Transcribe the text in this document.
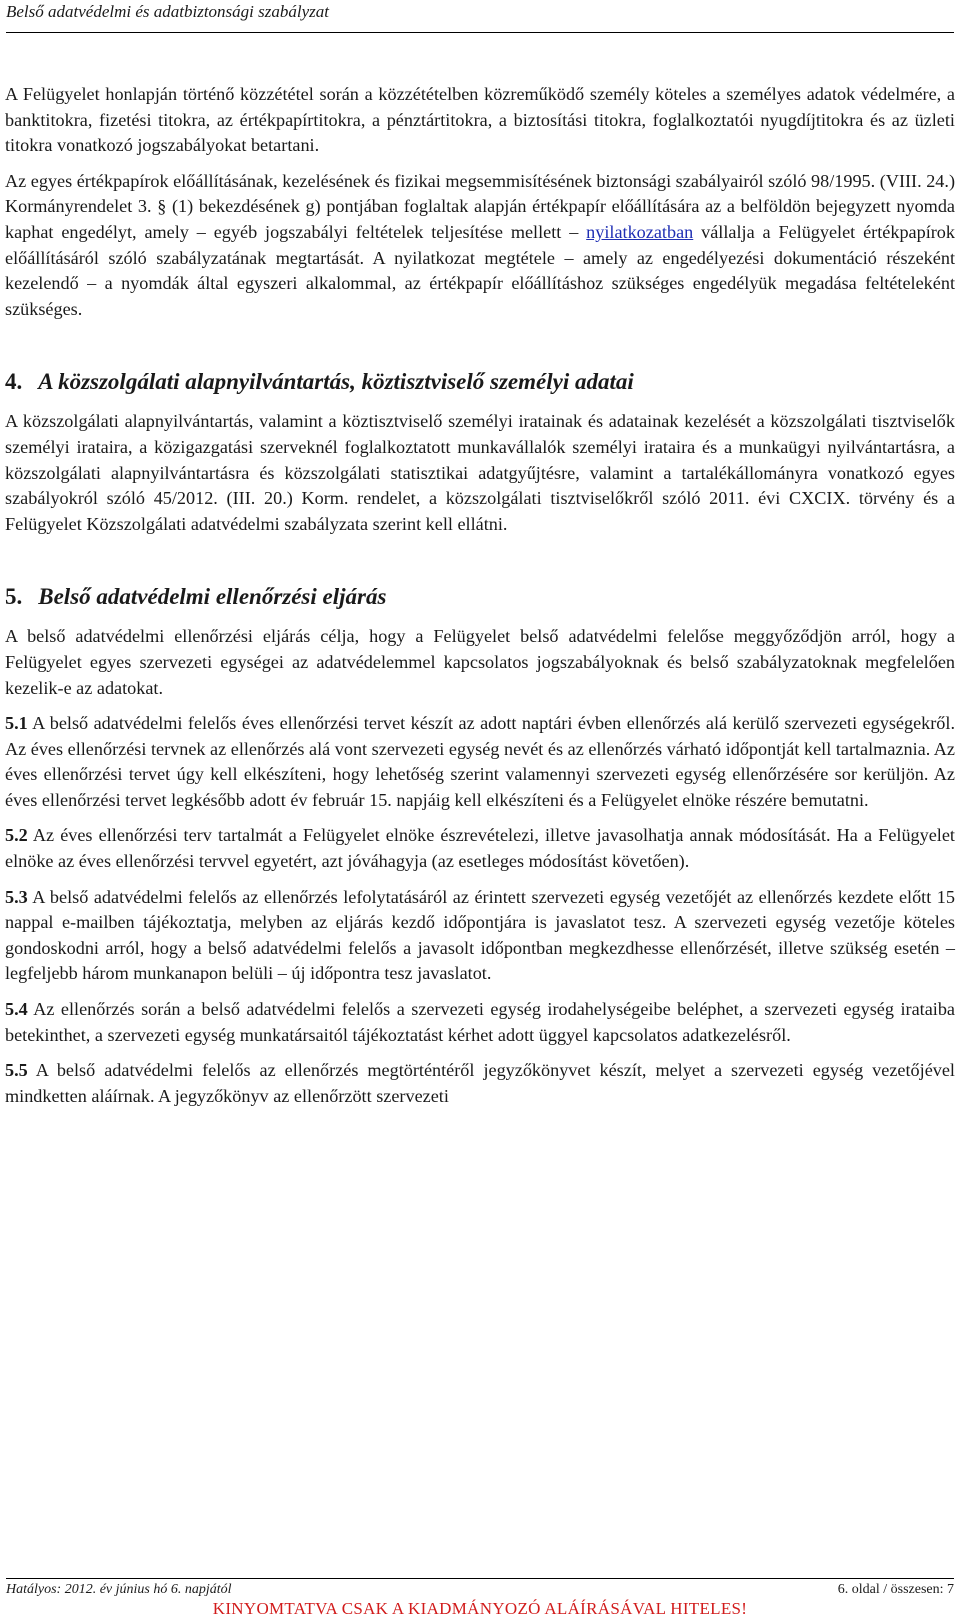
Belső adatvédelmi és adatbiztonsági szabályzat

A Felügyelet honlapján történő közzététel során a közzétételben közreműködő személy köteles a személyes adatok védelmére, a banktitokra, fizetési titokra, az értékpapírtitokra, a pénztártitokra, a biztosítási titokra, foglalkoztatói nyugdíjtitokra és az üzleti titokra vonatkozó jogszabályokat betartani.

Az egyes értékpapírok előállításának, kezelésének és fizikai megsemmisítésének biztonsági szabályairól szóló 98/1995. (VIII. 24.) Kormányrendelet 3. § (1) bekezdésének g) pontjában foglaltak alapján értékpapír előállítására az a belföldön bejegyzett nyomda kaphat engedélyt, amely – egyéb jogszabályi feltételek teljesítése mellett – nyilatkozatban vállalja a Felügyelet értékpapírok előállításáról szóló szabályzatának megtartását. A nyilatkozat megtétele – amely az engedélyezési dokumentáció részeként kezelendő – a nyomdák által egyszeri alkalommal, az értékpapír előállításhoz szükséges engedélyük megadása feltételeként szükséges.

4. A közszolgálati alapnyilvántartás, köztisztviselő személyi adatai

A közszolgálati alapnyilvántartás, valamint a köztisztviselő személyi iratainak és adatainak kezelését a közszolgálati tisztviselők személyi irataira, a közigazgatási szerveknél foglalkoztatott munkavállalók személyi irataira és a munkaügyi nyilvántartásra, a közszolgálati alapnyilvántartásra és közszolgálati statisztikai adatgyűjtésre, valamint a tartalékállományra vonatkozó egyes szabályokról szóló 45/2012. (III. 20.) Korm. rendelet, a közszolgálati tisztviselőkről szóló 2011. évi CXCIX. törvény és a Felügyelet Közszolgálati adatvédelmi szabályzata szerint kell ellátni.

5. Belső adatvédelmi ellenőrzési eljárás

A belső adatvédelmi ellenőrzési eljárás célja, hogy a Felügyelet belső adatvédelmi felelőse meggyőződjön arról, hogy a Felügyelet egyes szervezeti egységei az adatvédelemmel kapcsolatos jogszabályoknak és belső szabályzatoknak megfelelően kezelik-e az adatokat.

5.1 A belső adatvédelmi felelős éves ellenőrzési tervet készít az adott naptári évben ellenőrzés alá kerülő szervezeti egységekről. Az éves ellenőrzési tervnek az ellenőrzés alá vont szervezeti egység nevét és az ellenőrzés várható időpontját kell tartalmaznia. Az éves ellenőrzési tervet úgy kell elkészíteni, hogy lehetőség szerint valamennyi szervezeti egység ellenőrzésére sor kerüljön. Az éves ellenőrzési tervet legkésőbb adott év február 15. napjáig kell elkészíteni és a Felügyelet elnöke részére bemutatni.

5.2 Az éves ellenőrzési terv tartalmát a Felügyelet elnöke észrevételezi, illetve javasolhatja annak módosítását. Ha a Felügyelet elnöke az éves ellenőrzési tervvel egyetért, azt jóváhagyja (az esetleges módosítást követően).

5.3 A belső adatvédelmi felelős az ellenőrzés lefolytatásáról az érintett szervezeti egység vezetőjét az ellenőrzés kezdete előtt 15 nappal e-mailben tájékoztatja, melyben az eljárás kezdő időpontjára is javaslatot tesz. A szervezeti egység vezetője köteles gondoskodni arról, hogy a belső adatvédelmi felelős a javasolt időpontban megkezdhesse ellenőrzését, illetve szükség esetén – legfeljebb három munkanapon belüli – új időpontra tesz javaslatot.

5.4 Az ellenőrzés során a belső adatvédelmi felelős a szervezeti egység irodahelységeibe beléphet, a szervezeti egység irataiba betekinthet, a szervezeti egység munkatársaitól tájékoztatást kérhet adott üggyel kapcsolatos adatkezelésről.

5.5 A belső adatvédelmi felelős az ellenőrzés megtörténtéről jegyzőkönyvet készít, melyet a szervezeti egység vezetőjével mindketten aláírnak. A jegyzőkönyv az ellenőrzött szervezeti

Hatályos: 2012. év június hó 6. napjától	6. oldal / összesen: 7
KINYOMTATVA CSAK A KIADMÁNYOZÓ ALÁÍRÁSÁVAL HITELES!
